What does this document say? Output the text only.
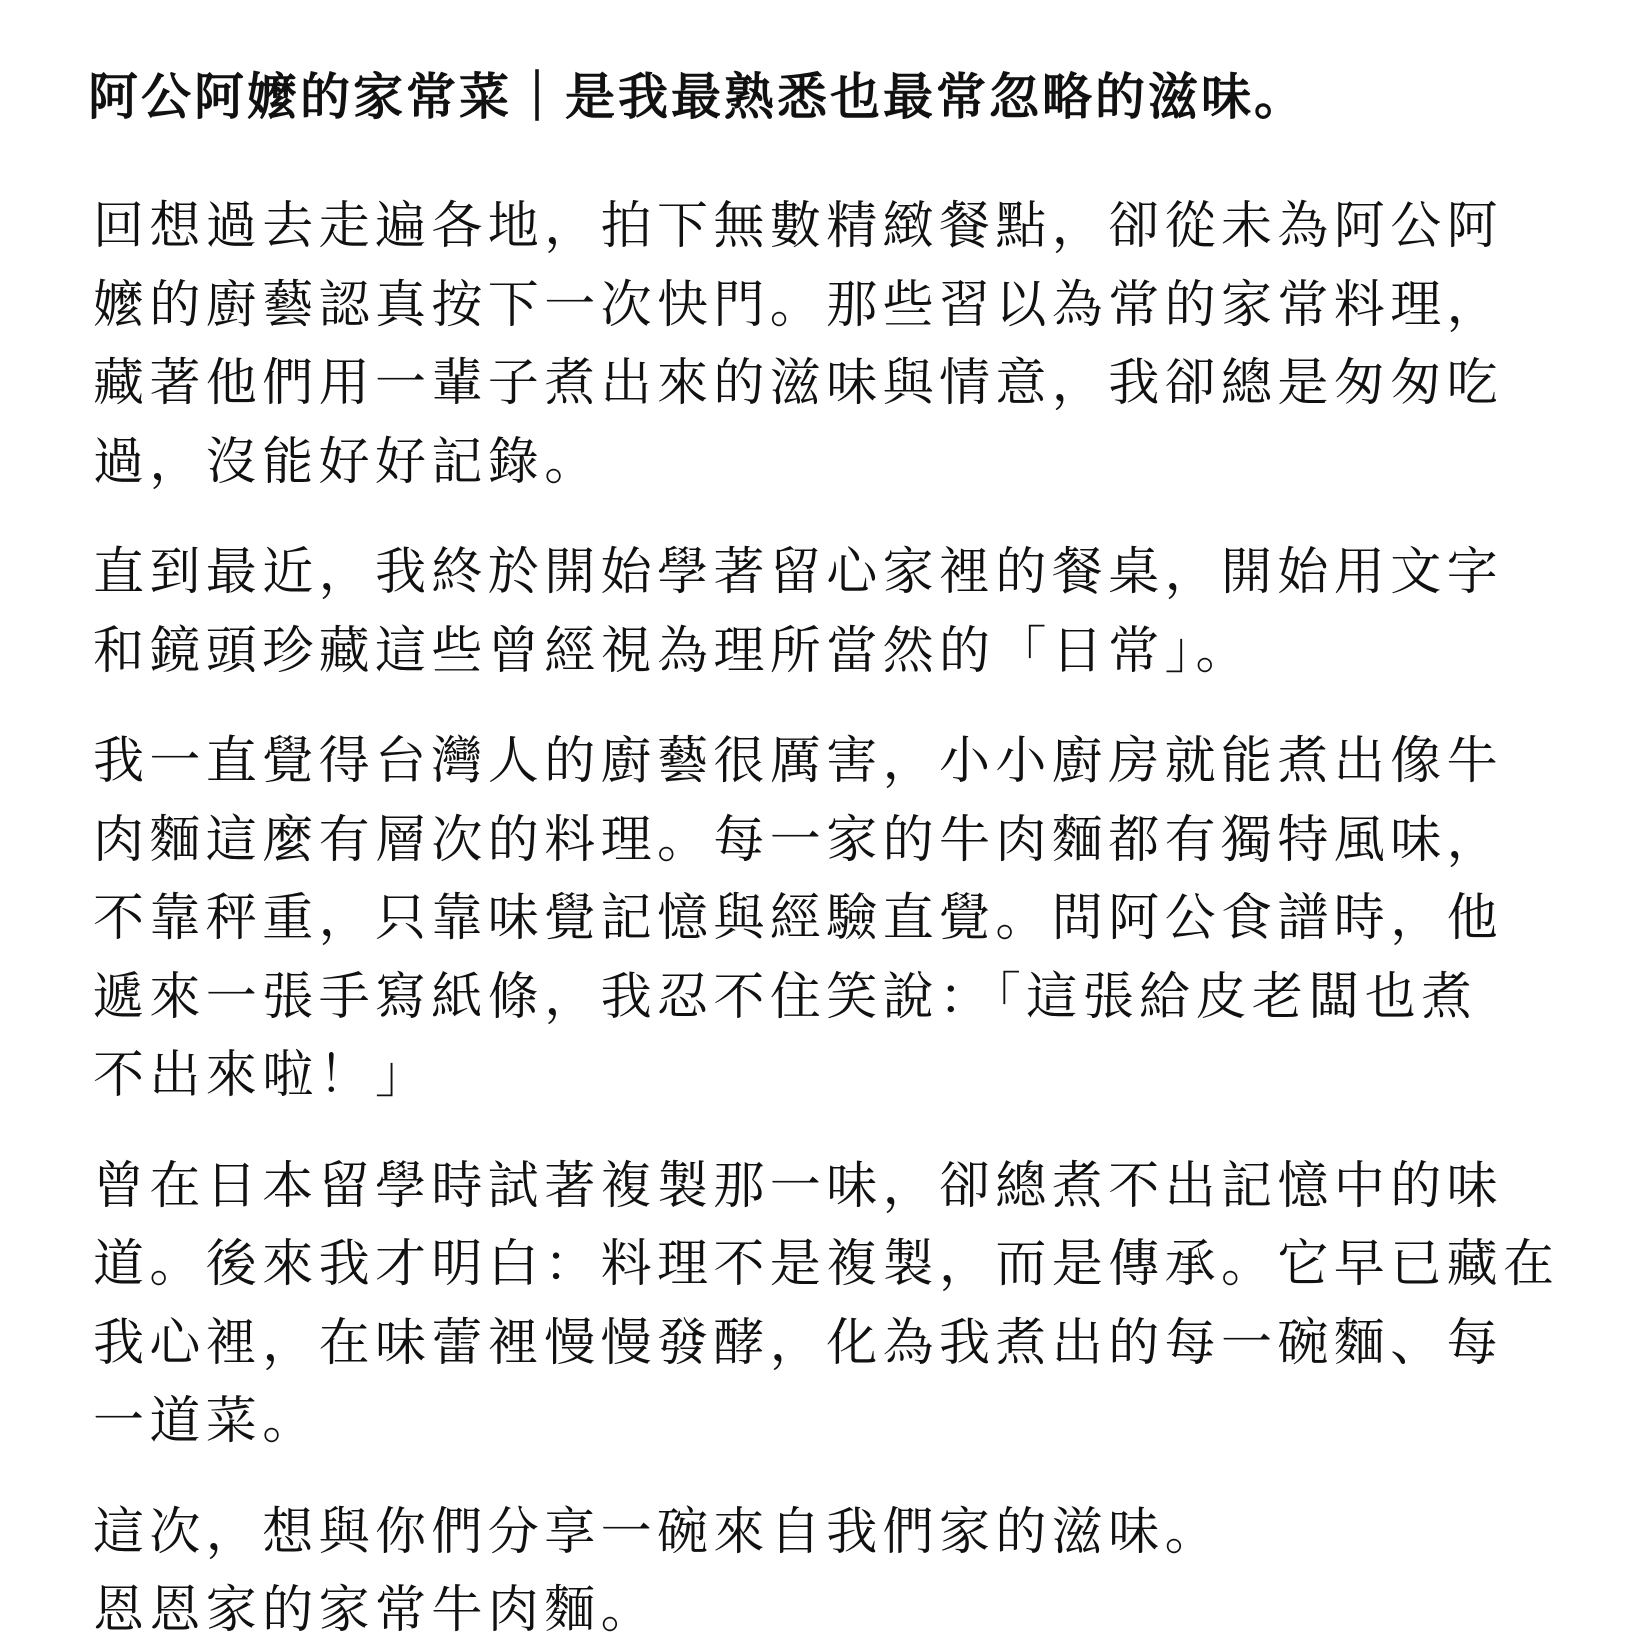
阿公阿嬤的家常菜｜是我最熟悉也最常忽略的滋味。
回想過去走遍各地，拍下無數精緻餐點，卻從未為阿公阿
嬤的廚藝認真按下一次快門。那些習以為常的家常料理，
藏著他們用一輩子煮出來的滋味與情意，我卻總是匆匆吃
過，沒能好好記錄。
直到最近，我終於開始學著留心家裡的餐桌，開始用文字
和鏡頭珍藏這些曾經視為理所當然的「日常」。
我一直覺得台灣人的廚藝很厲害，小小廚房就能煮出像牛
肉麵這麼有層次的料理。每一家的牛肉麵都有獨特風味，
不靠秤重，只靠味覺記憶與經驗直覺。問阿公食譜時，他
遞來一張手寫紙條，我忍不住笑說：「這張給皮老闆也煮
不出來啦！」
曾在日本留學時試著複製那一味，卻總煮不出記憶中的味
道。後來我才明白：料理不是複製，而是傳承。它早已藏在
我心裡，在味蕾裡慢慢發酵，化為我煮出的每一碗麵、每
一道菜。
這次，想與你們分享一碗來自我們家的滋味。
恩恩家的家常牛肉麵。
